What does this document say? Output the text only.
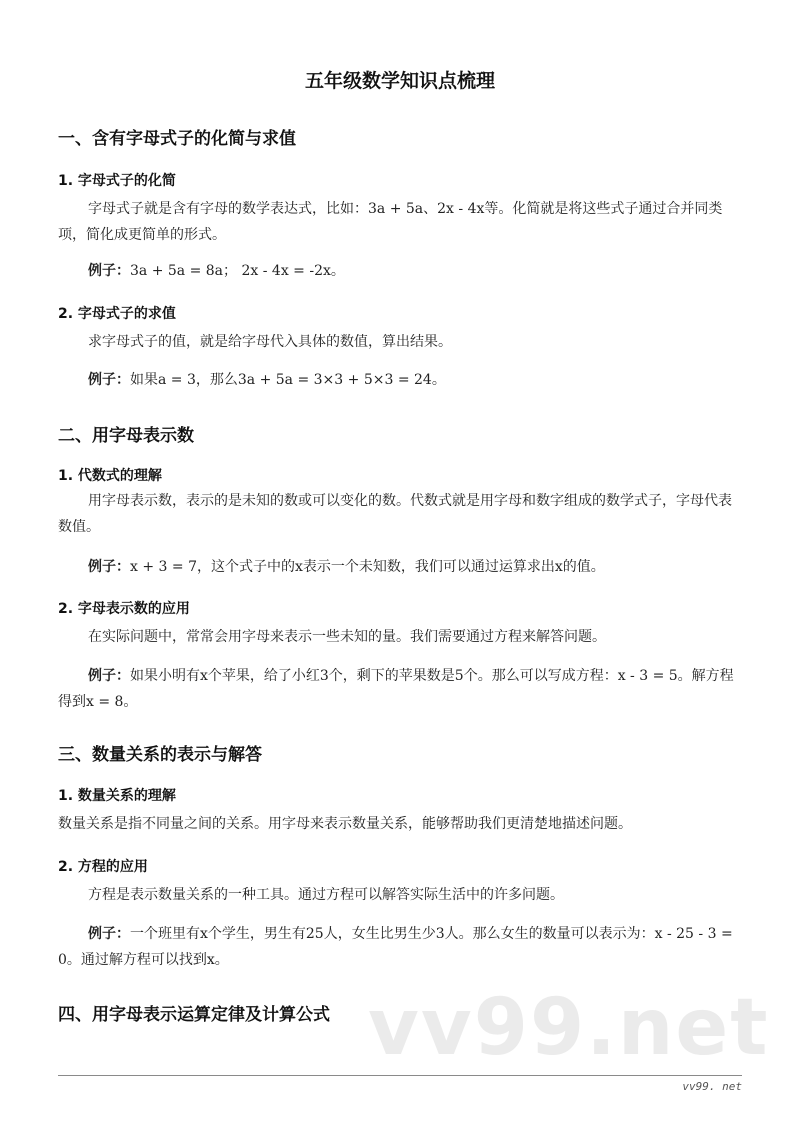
五年级数学知识点梳理
一、含有字母式子的化简与求值
1. 字母式子的化简
字母式子就是含有字母的数学表达式，比如：3a + 5a、2x - 4x等。化简就是将这些式子通过合并同类项，简化成更简单的形式。
例子：3a + 5a = 8a； 2x - 4x = -2x。
2. 字母式子的求值
求字母式子的值，就是给字母代入具体的数值，算出结果。
例子：如果a = 3，那么3a + 5a = 3×3 + 5×3 = 24。
二、用字母表示数
1. 代数式的理解
用字母表示数，表示的是未知的数或可以变化的数。代数式就是用字母和数字组成的数学式子，字母代表数值。
例子：x + 3 = 7，这个式子中的x表示一个未知数，我们可以通过运算求出x的值。
2. 字母表示数的应用
在实际问题中，常常会用字母来表示一些未知的量。我们需要通过方程来解答问题。
例子：如果小明有x个苹果，给了小红3个，剩下的苹果数是5个。那么可以写成方程：x - 3 = 5。解方程得到x = 8。
三、数量关系的表示与解答
1. 数量关系的理解
数量关系是指不同量之间的关系。用字母来表示数量关系，能够帮助我们更清楚地描述问题。
2. 方程的应用
方程是表示数量关系的一种工具。通过方程可以解答实际生活中的许多问题。
例子：一个班里有x个学生，男生有25人，女生比男生少3人。那么女生的数量可以表示为：x - 25 - 3 = 0。通过解方程可以找到x。
四、用字母表示运算定律及计算公式 vv99.net
vv99. net
